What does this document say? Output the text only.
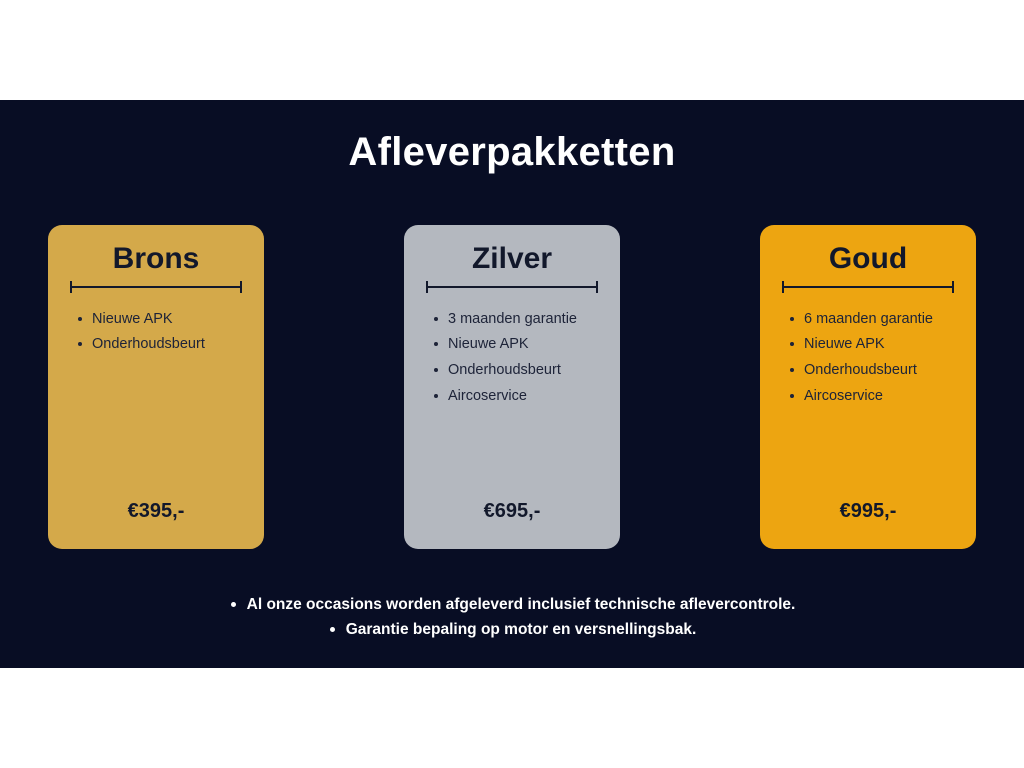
Afleverpakketten
Brons
Nieuwe APK
Onderhoudsbeurt
€395,-
Zilver
3 maanden garantie
Nieuwe APK
Onderhoudsbeurt
Aircoservice
€695,-
Goud
6 maanden garantie
Nieuwe APK
Onderhoudsbeurt
Aircoservice
€995,-
Al onze occasions worden afgeleverd inclusief technische aflevercontrole.
Garantie bepaling op motor en versnellingsbak.
